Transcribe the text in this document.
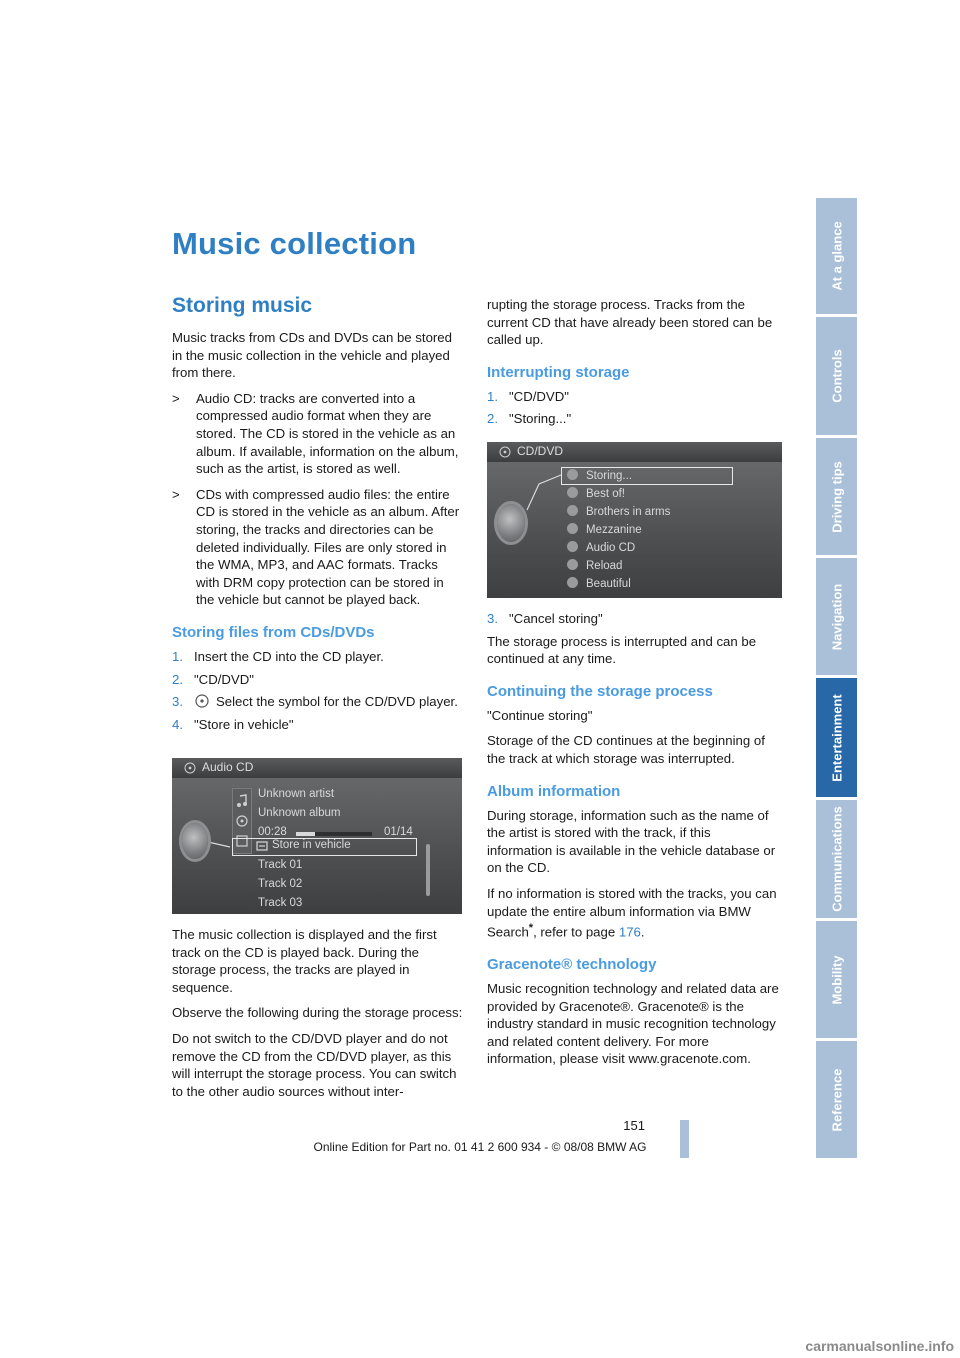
Music collection
Storing music

Music tracks from CDs and DVDs can be stored in the music collection in the vehicle and played from there.

>	Audio CD: tracks are converted into a compressed audio format when they are stored. The CD is stored in the vehicle as an album. If available, information on the album, such as the artist, is stored as well.
>	CDs with compressed audio files: the entire CD is stored in the vehicle as an album. After storing, the tracks and directories can be deleted individually. Files are only stored in the WMA, MP3, and AAC formats. Tracks with DRM copy protection can be stored in the vehicle but cannot be played back.
Storing files from CDs/DVDs
1. Insert the CD into the CD player.
2. "CD/DVD"
3.	Select the symbol for the CD/DVD player.
4. "Store in vehicle"
Audio CD
Unknown artist
Unknown album
00:28	01/14
Store in vehicle
Track 01
Track 02
Track 03

The music collection is displayed and the first track on the CD is played back. During the storage process, the tracks are played in sequence.

Observe the following during the storage process:

Do not switch to the CD/DVD player and do not remove the CD from the CD/DVD player, as this will interrupt the storage process. You can switch to the other audio sources without inter-

rupting the storage process. Tracks from the current CD that have already been stored can be called up.

Interrupting storage
1. "CD/DVD"
2. "Storing..."
CD/DVD
Storing...
Best of!
Brothers in arms
Mezzanine
Audio CD
Reload
Beautiful
3. "Cancel storing"

The storage process is interrupted and can be continued at any time.

Continuing the storage process

"Continue storing"

Storage of the CD continues at the beginning of the track at which storage was interrupted.

Album information

During storage, information such as the name of the artist is stored with the track, if this information is available in the vehicle database or on the CD.

If no information is stored with the tracks, you can update the entire album information via BMW Search*, refer to page 176.

Gracenote® technology

Music recognition technology and related data are provided by Gracenote®. Gracenote® is the industry standard in music recognition technology and related content delivery. For more information, please visit www.gracenote.com.

At a glance
Controls
Driving tips
Navigation
Entertainment
Communications
Mobility
Reference
151
Online Edition for Part no. 01 41 2 600 934 - © 08/08 BMW AG
carmanualsonline.info
